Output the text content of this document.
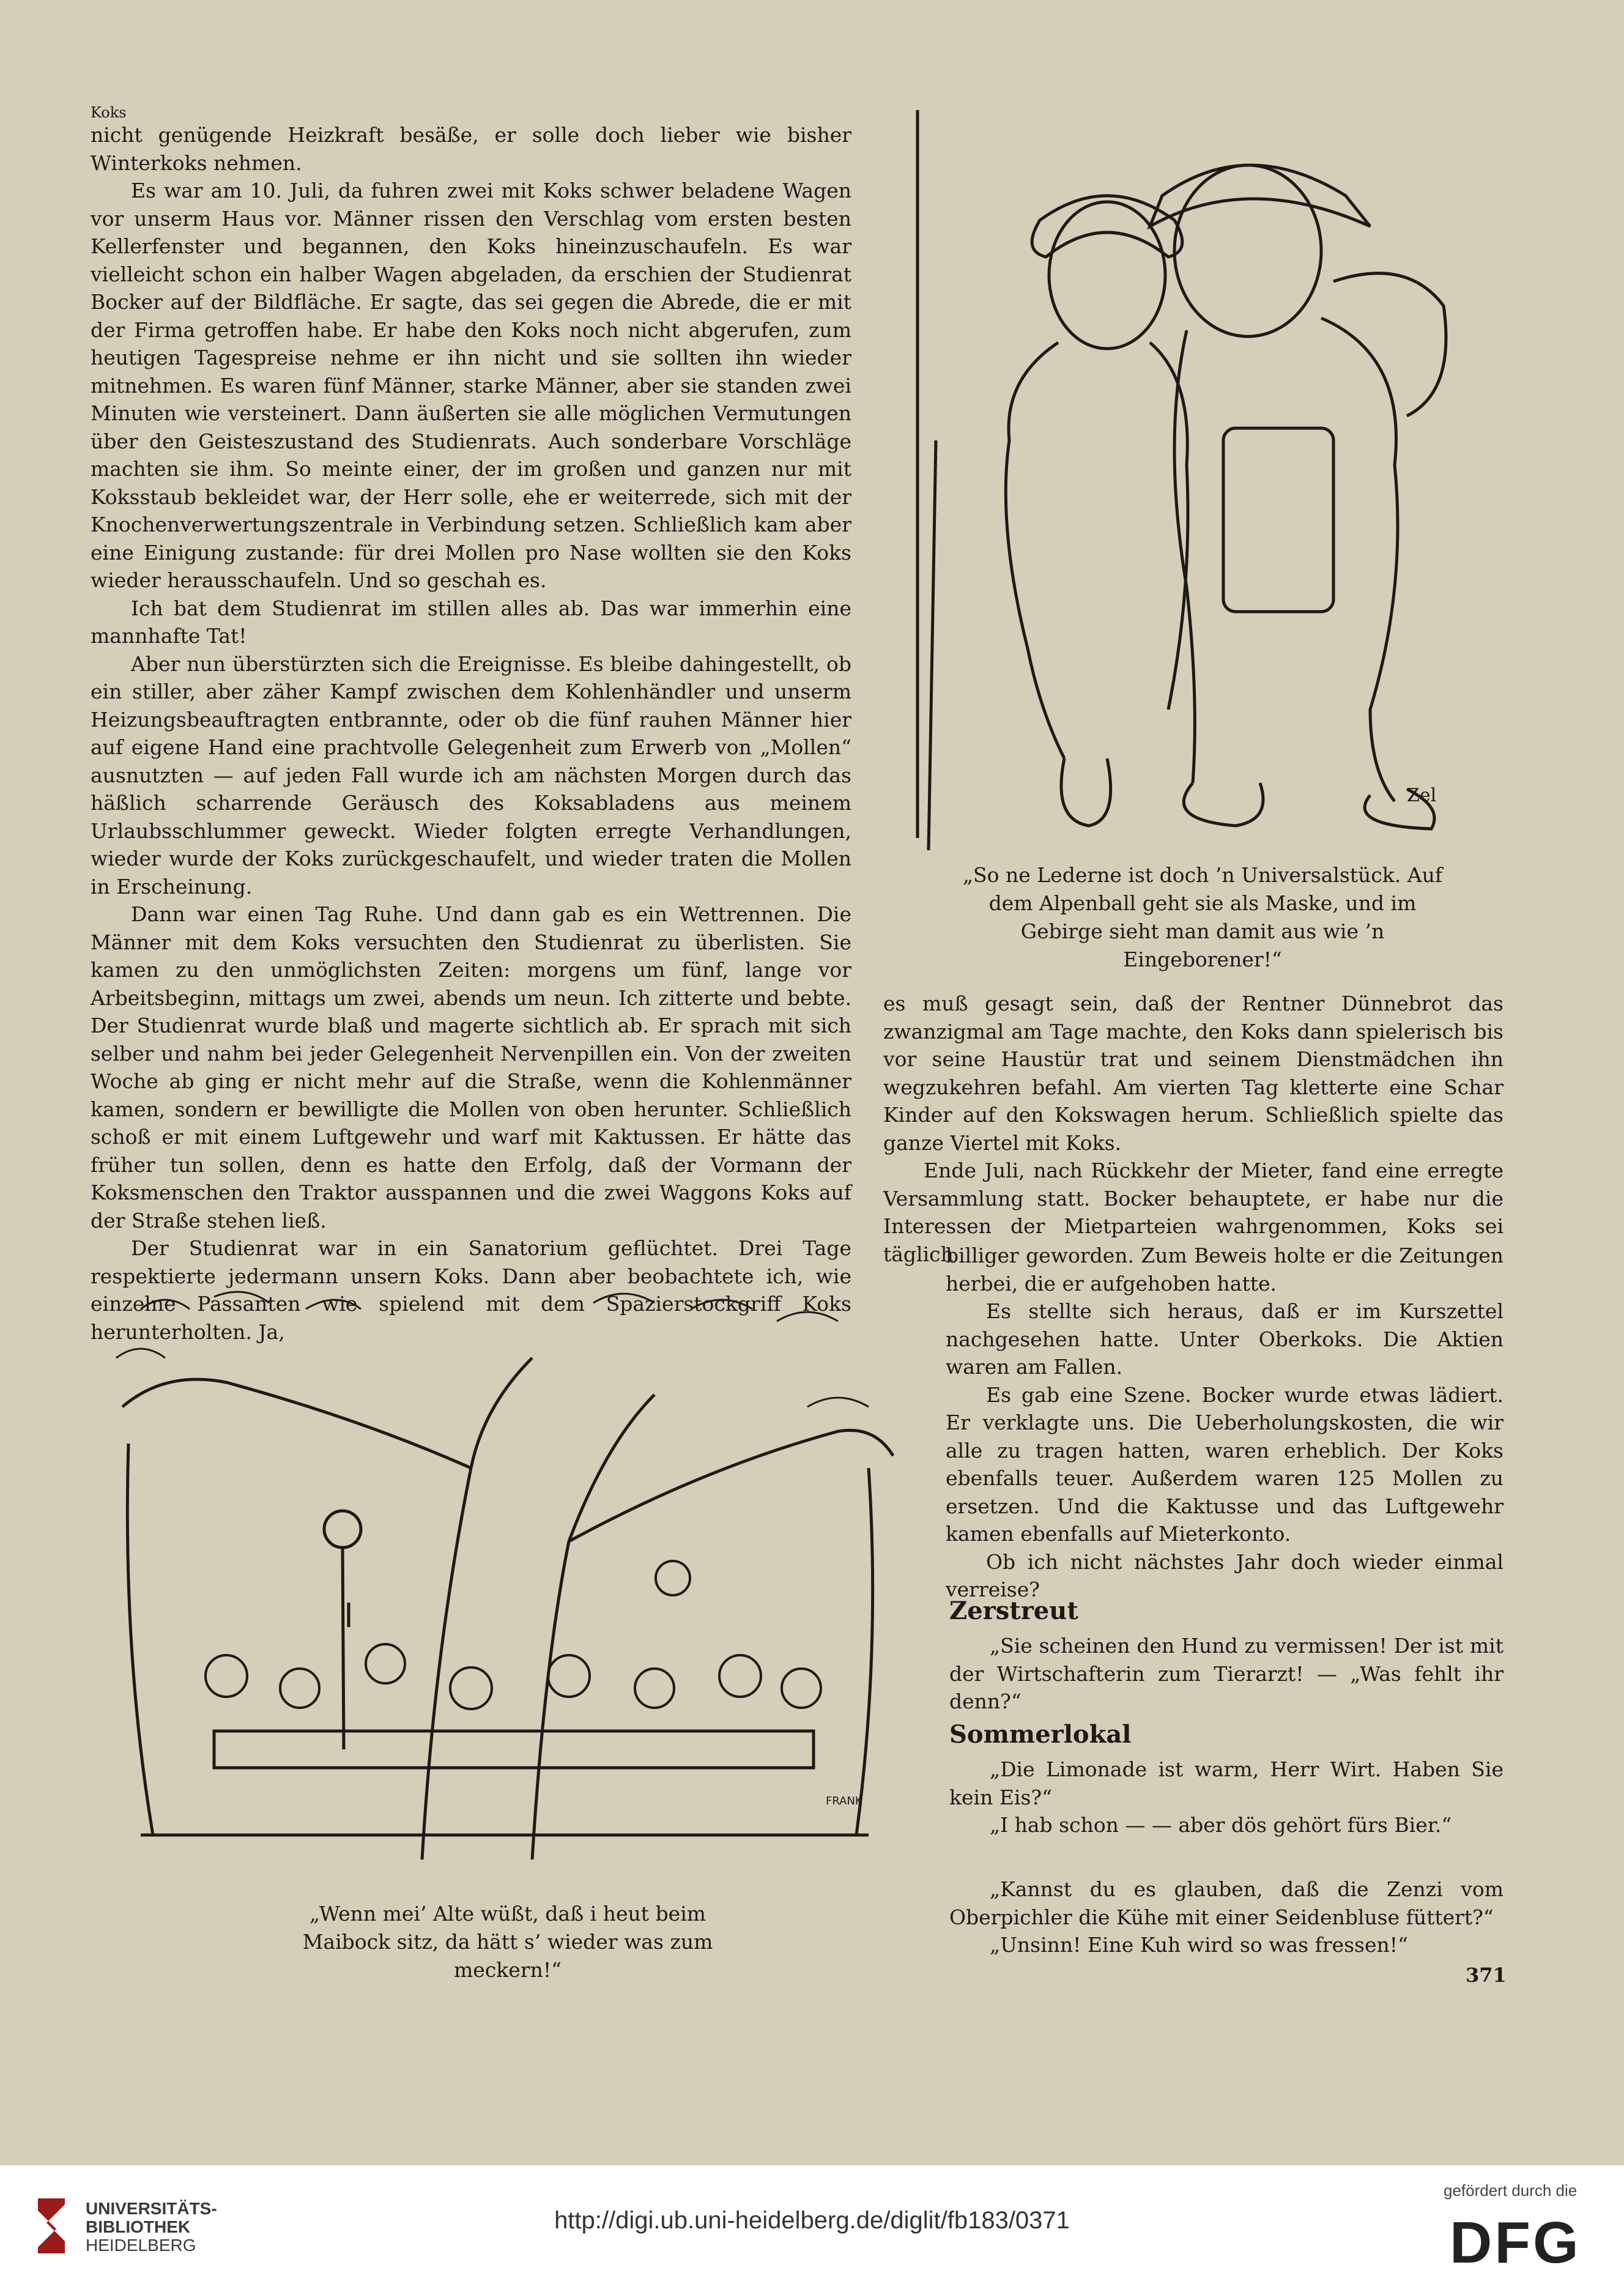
Koks

nicht genügende Heizkraft besäße, er solle doch lieber wie bisher Winterkoks nehmen.

Es war am 10. Juli, da fuhren zwei mit Koks schwer beladene Wagen vor unserm Haus vor. Männer rissen den Verschlag vom ersten besten Kellerfenster und begannen, den Koks hineinzuschaufeln. Es war vielleicht schon ein halber Wagen abgeladen, da erschien der Studienrat Bocker auf der Bildfläche. Er sagte, das sei gegen die Abrede, die er mit der Firma getroffen habe. Er habe den Koks noch nicht abgerufen, zum heutigen Tagespreise nehme er ihn nicht und sie sollten ihn wieder mitnehmen. Es waren fünf Männer, starke Männer, aber sie standen zwei Minuten wie versteinert. Dann äußerten sie alle möglichen Vermutungen über den Geisteszustand des Studienrats. Auch sonderbare Vorschläge machten sie ihm. So meinte einer, der im großen und ganzen nur mit Koksstaub bekleidet war, der Herr solle, ehe er weiterrede, sich mit der Knochenverwertungszentrale in Verbindung setzen. Schließlich kam aber eine Einigung zustande: für drei Mollen pro Nase wollten sie den Koks wieder herausschaufeln. Und so geschah es.

Ich bat dem Studienrat im stillen alles ab. Das war immerhin eine mannhafte Tat!

Aber nun überstürzten sich die Ereignisse. Es bleibe dahingestellt, ob ein stiller, aber zäher Kampf zwischen dem Kohlenhändler und unserm Heizungsbeauftragten entbrannte, oder ob die fünf rauhen Männer hier auf eigene Hand eine prachtvolle Gelegenheit zum Erwerb von „Mollen“ ausnutzten — auf jeden Fall wurde ich am nächsten Morgen durch das häßlich scharrende Geräusch des Koksabladens aus meinem Urlaubsschlummer geweckt. Wieder folgten erregte Verhandlungen, wieder wurde der Koks zurückgeschaufelt, und wieder traten die Mollen in Erscheinung.

Dann war einen Tag Ruhe. Und dann gab es ein Wettrennen. Die Männer mit dem Koks versuchten den Studienrat zu überlisten. Sie kamen zu den unmöglichsten Zeiten: morgens um fünf, lange vor Arbeitsbeginn, mittags um zwei, abends um neun. Ich zitterte und bebte. Der Studienrat wurde blaß und magerte sichtlich ab. Er sprach mit sich selber und nahm bei jeder Gelegenheit Nervenpillen ein. Von der zweiten Woche ab ging er nicht mehr auf die Straße, wenn die Kohlenmänner kamen, sondern er bewilligte die Mollen von oben herunter. Schließlich schoß er mit einem Luftgewehr und warf mit Kaktussen. Er hätte das früher tun sollen, denn es hatte den Erfolg, daß der Vormann der Koksmenschen den Traktor ausspannen und die zwei Waggons Koks auf der Straße stehen ließ.

Der Studienrat war in ein Sanatorium geflüchtet. Drei Tage respektierte jedermann unsern Koks. Dann aber beobachtete ich, wie einzelne Passanten wie spielend mit dem Spazierstockgriff Koks herunterholten. Ja,

Zel
„So ne Lederne ist doch ’n Universalstück. Auf dem Alpenball geht sie als Maske, und im Gebirge sieht man damit aus wie ’n Eingeborener!“

es muß gesagt sein, daß der Rentner Dünnebrot das zwanzigmal am Tage machte, den Koks dann spielerisch bis vor seine Haustür trat und seinem Dienstmädchen ihn wegzukehren befahl. Am vierten Tag kletterte eine Schar Kinder auf den Kokswagen herum. Schließlich spielte das ganze Viertel mit Koks.

Ende Juli, nach Rückkehr der Mieter, fand eine erregte Versammlung statt. Bocker behauptete, er habe nur die Interessen der Mietparteien wahrgenommen, Koks sei täglich

billiger geworden. Zum Beweis holte er die Zeitungen herbei, die er aufgehoben hatte.

Es stellte sich heraus, daß er im Kurszettel nachgesehen hatte. Unter Oberkoks. Die Aktien waren am Fallen.

Es gab eine Szene. Bocker wurde etwas lädiert. Er verklagte uns. Die Ueberholungskosten, die wir alle zu tragen hatten, waren erheblich. Der Koks ebenfalls teuer. Außerdem waren 125 Mollen zu ersetzen. Und die Kaktusse und das Luftgewehr kamen ebenfalls auf Mieterkonto.

Ob ich nicht nächstes Jahr doch wieder einmal verreise?

Zerstreut

„Sie scheinen den Hund zu vermissen! Der ist mit der Wirtschafterin zum Tierarzt! — „Was fehlt ihr denn?“

Sommerlokal

„Die Limonade ist warm, Herr Wirt. Haben Sie kein Eis?“

„I hab schon — — aber dös gehört fürs Bier.“

„Kannst du es glauben, daß die Zenzi vom Oberpichler die Kühe mit einer Seidenbluse füttert?“

„Unsinn! Eine Kuh wird so was fressen!“

FRANK
„Wenn mei’ Alte wüßt, daß i heut beim Maibock sitz, da hätt s’ wieder was zum meckern!“	371
UNIVERSITÄTS-
BIBLIOTHEK
HEIDELBERG
http://digi.ub.uni-heidelberg.de/diglit/fb183/0371
gefördert durch die
DFG
